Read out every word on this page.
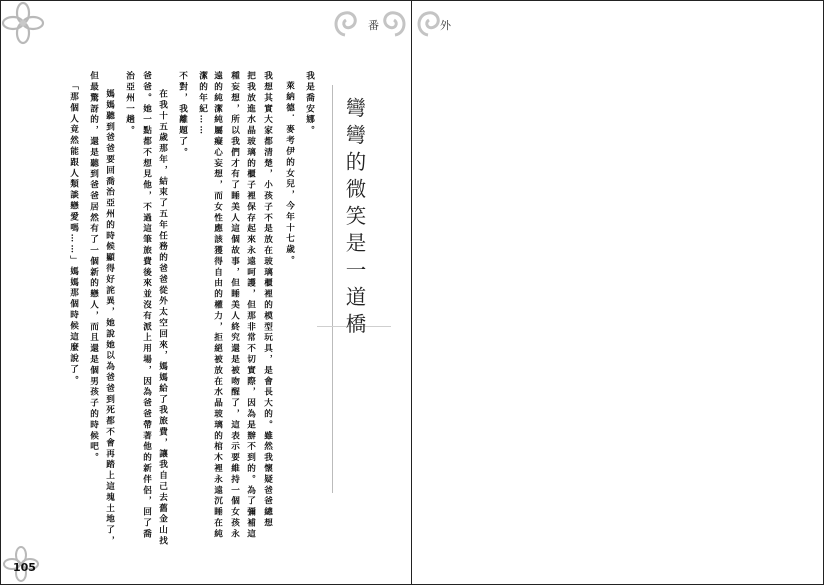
番
彎彎的微笑是一道橋
我是喬安娜。
萊納德．麥考伊的女兒，今年十七歲。
我想其實大家都清楚，小孩子不是放在玻璃櫃裡的模型玩具，是會長大的。雖然我懷疑爸爸總想
把我放進水晶玻璃的櫃子裡保存起來永遠呵護，但那非常不切實際，因為是辦不到的。為了彌補這
種妄想，所以我們才有了睡美人這個故事，但睡美人終究還是被吻醒了，這表示要維持一個女孩永
遠的純潔純屬癡心妄想，而女性應該獲得自由的權力，拒絕被放在水晶玻璃的棺木裡永遠沉睡在純
潔的年紀……
不對，我離題了。
在我十五歲那年，結束了五年任務的爸爸從外太空回來，媽媽給了我旅費，讓我自己去舊金山找
爸爸。她一點都不想見他，不過這筆旅費後來並沒有派上用場，因為爸爸帶著他的新伴侶，回了喬
治亞州一趟。
媽媽聽到爸爸要回喬治亞州的時候顯得好詫異，她說她以為爸爸到死都不會再踏上這塊土地了，
但最驚訝的，還是聽到爸爸居然有了一個新的戀人，而且還是個男孩子的時候吧。
「那個人竟然能跟人類談戀愛嗎……」媽媽那個時候這麼說了。
105
外
